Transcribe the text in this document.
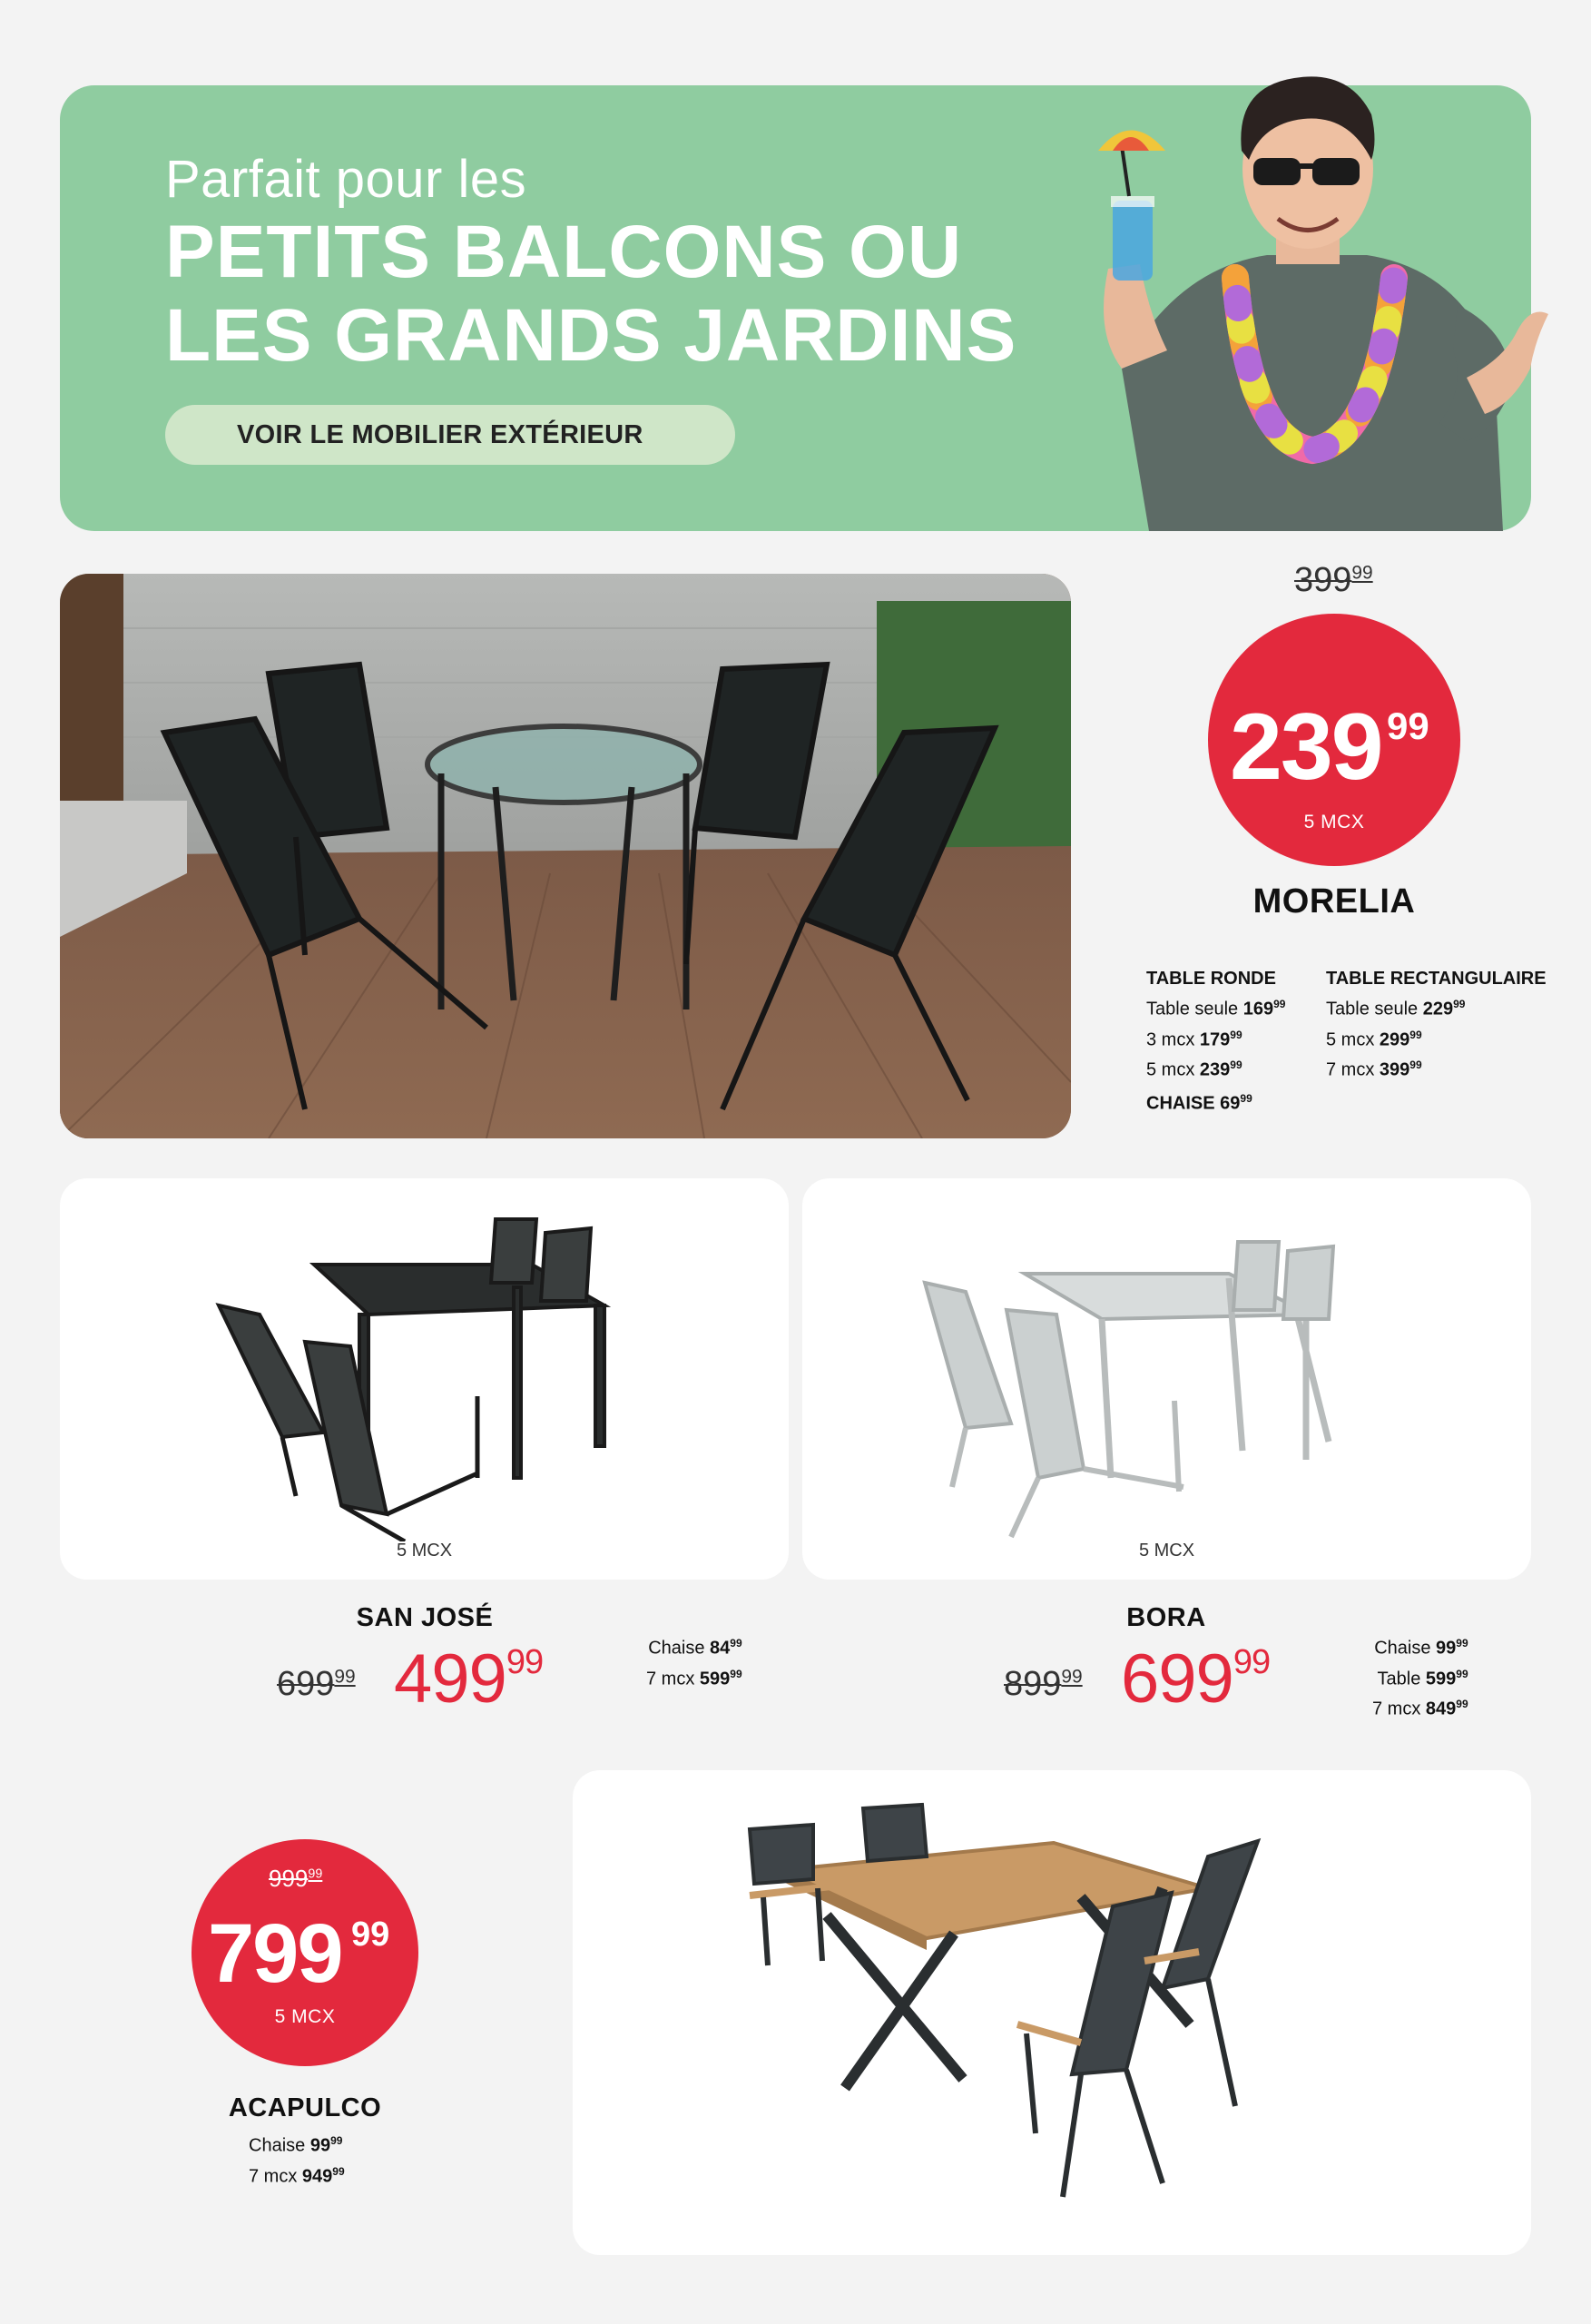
Parfait pour les
PETITS BALCONS OU
LES GRANDS JARDINS
VOIR LE MOBILIER EXTÉRIEUR
$399^{99}$
239 99
5 MCX
MORELIA
TABLE RONDE
Table seule $169^{99}$
3 mcx $179^{99}$
5 mcx $239^{99}$
TABLE RECTANGULAIRE
Table seule $229^{99}$
5 mcx $299^{99}$
7 mcx $399^{99}$
CHAISE $69^{99}$
5 MCX
SAN JOSÉ
$699^{99}$ $499^{99}$	Chaise $84^{99}$
7 mcx $599^{99}$
5 MCX
BORA
$899^{99}$ $699^{99}$	Chaise $99^{99}$
Table $599^{99}$
7 mcx $849^{99}$
$999^{99}$
799 99
5 MCX
ACAPULCO
Chaise $99^{99}$
7 mcx $949^{99}$
